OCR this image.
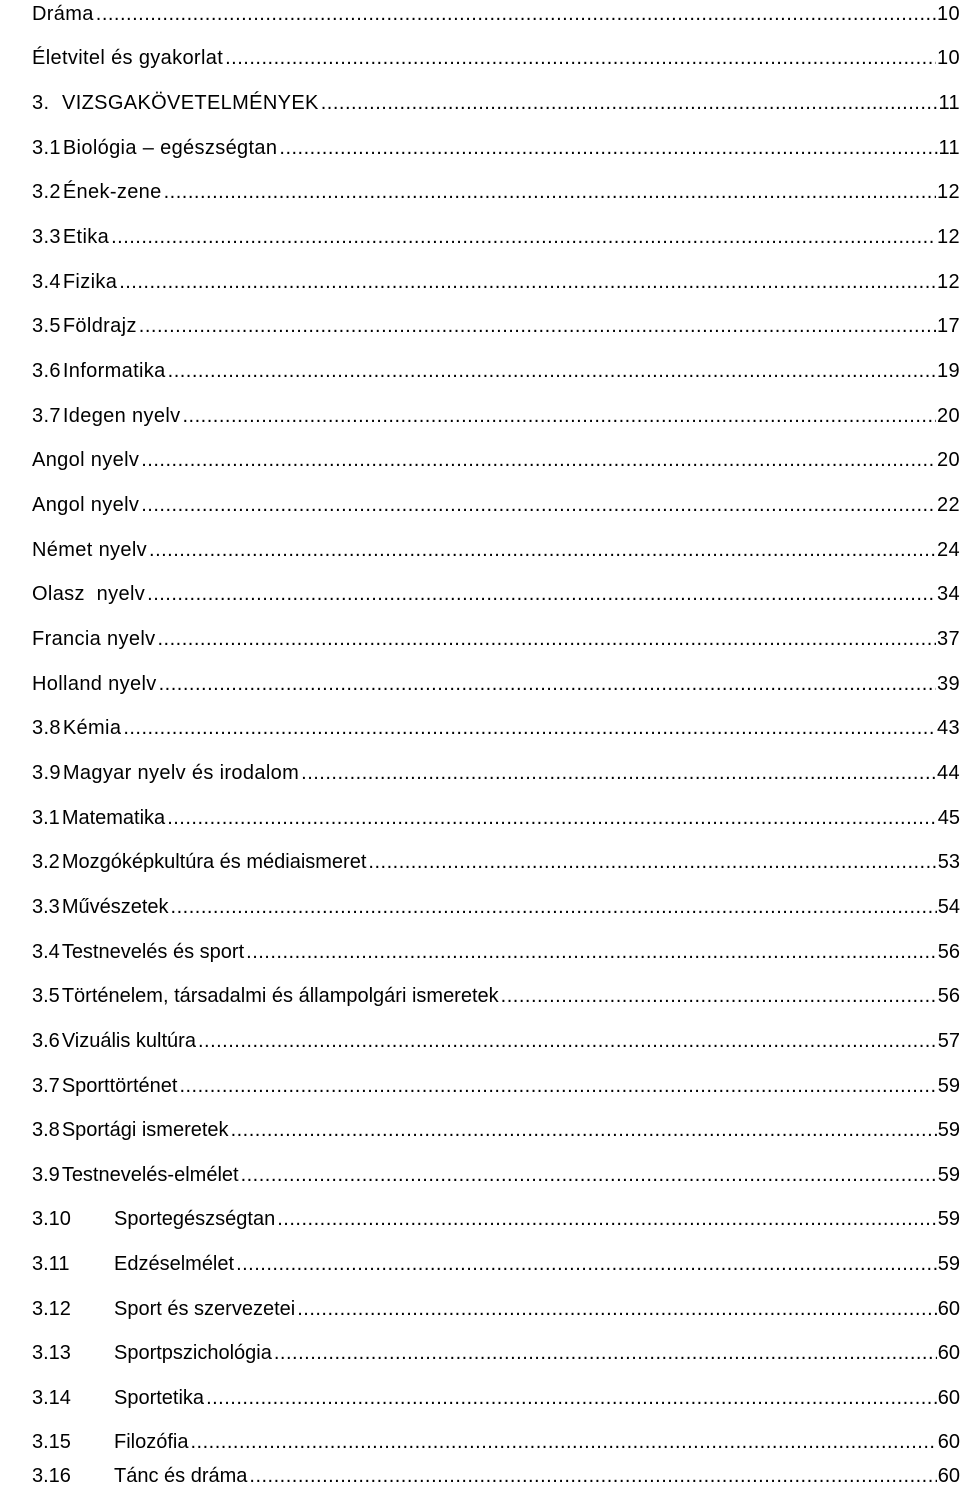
Dráma .....	10
Életvitel és gyakorlat .....	10
3. VIZSGAKÖVETELMÉNYEK .....	11
3.1 Biológia – egészségtan .....	11
3.2 Ének-zene .....	12
3.3 Etika .....	12
3.4 Fizika .....	12
3.5 Földrajz .....	17
3.6 Informatika .....	19
3.7 Idegen nyelv .....	20
Angol nyelv .....	20
Angol nyelv .....	22
Német nyelv .....	24
Olasz  nyelv .....	34
Francia nyelv .....	37
Holland nyelv .....	39
3.8 Kémia .....	43
3.9 Magyar nyelv és irodalom .....	44
3.1 Matematika .....	45
3.2 Mozgóképkultúra és médiaismeret .....	53
3.3 Művészetek .....	54
3.4 Testnevelés és sport .....	56
3.5 Történelem, társadalmi és állampolgári ismeretek .....	56
3.6 Vizuális kultúra .....	57
3.7 Sporttörténet .....	59
3.8 Sportági ismeretek .....	59
3.9 Testnevelés-elmélet .....	59
3.10	Sportegészségtan .....	59
3.11	Edzéselmélet .....	59
3.12	Sport és szervezetei .....	60
3.13	Sportpszichológia .....	60
3.14	Sportetika .....	60
3.15	Filozófia .....	60
3.16	Tánc és dráma .....	60
